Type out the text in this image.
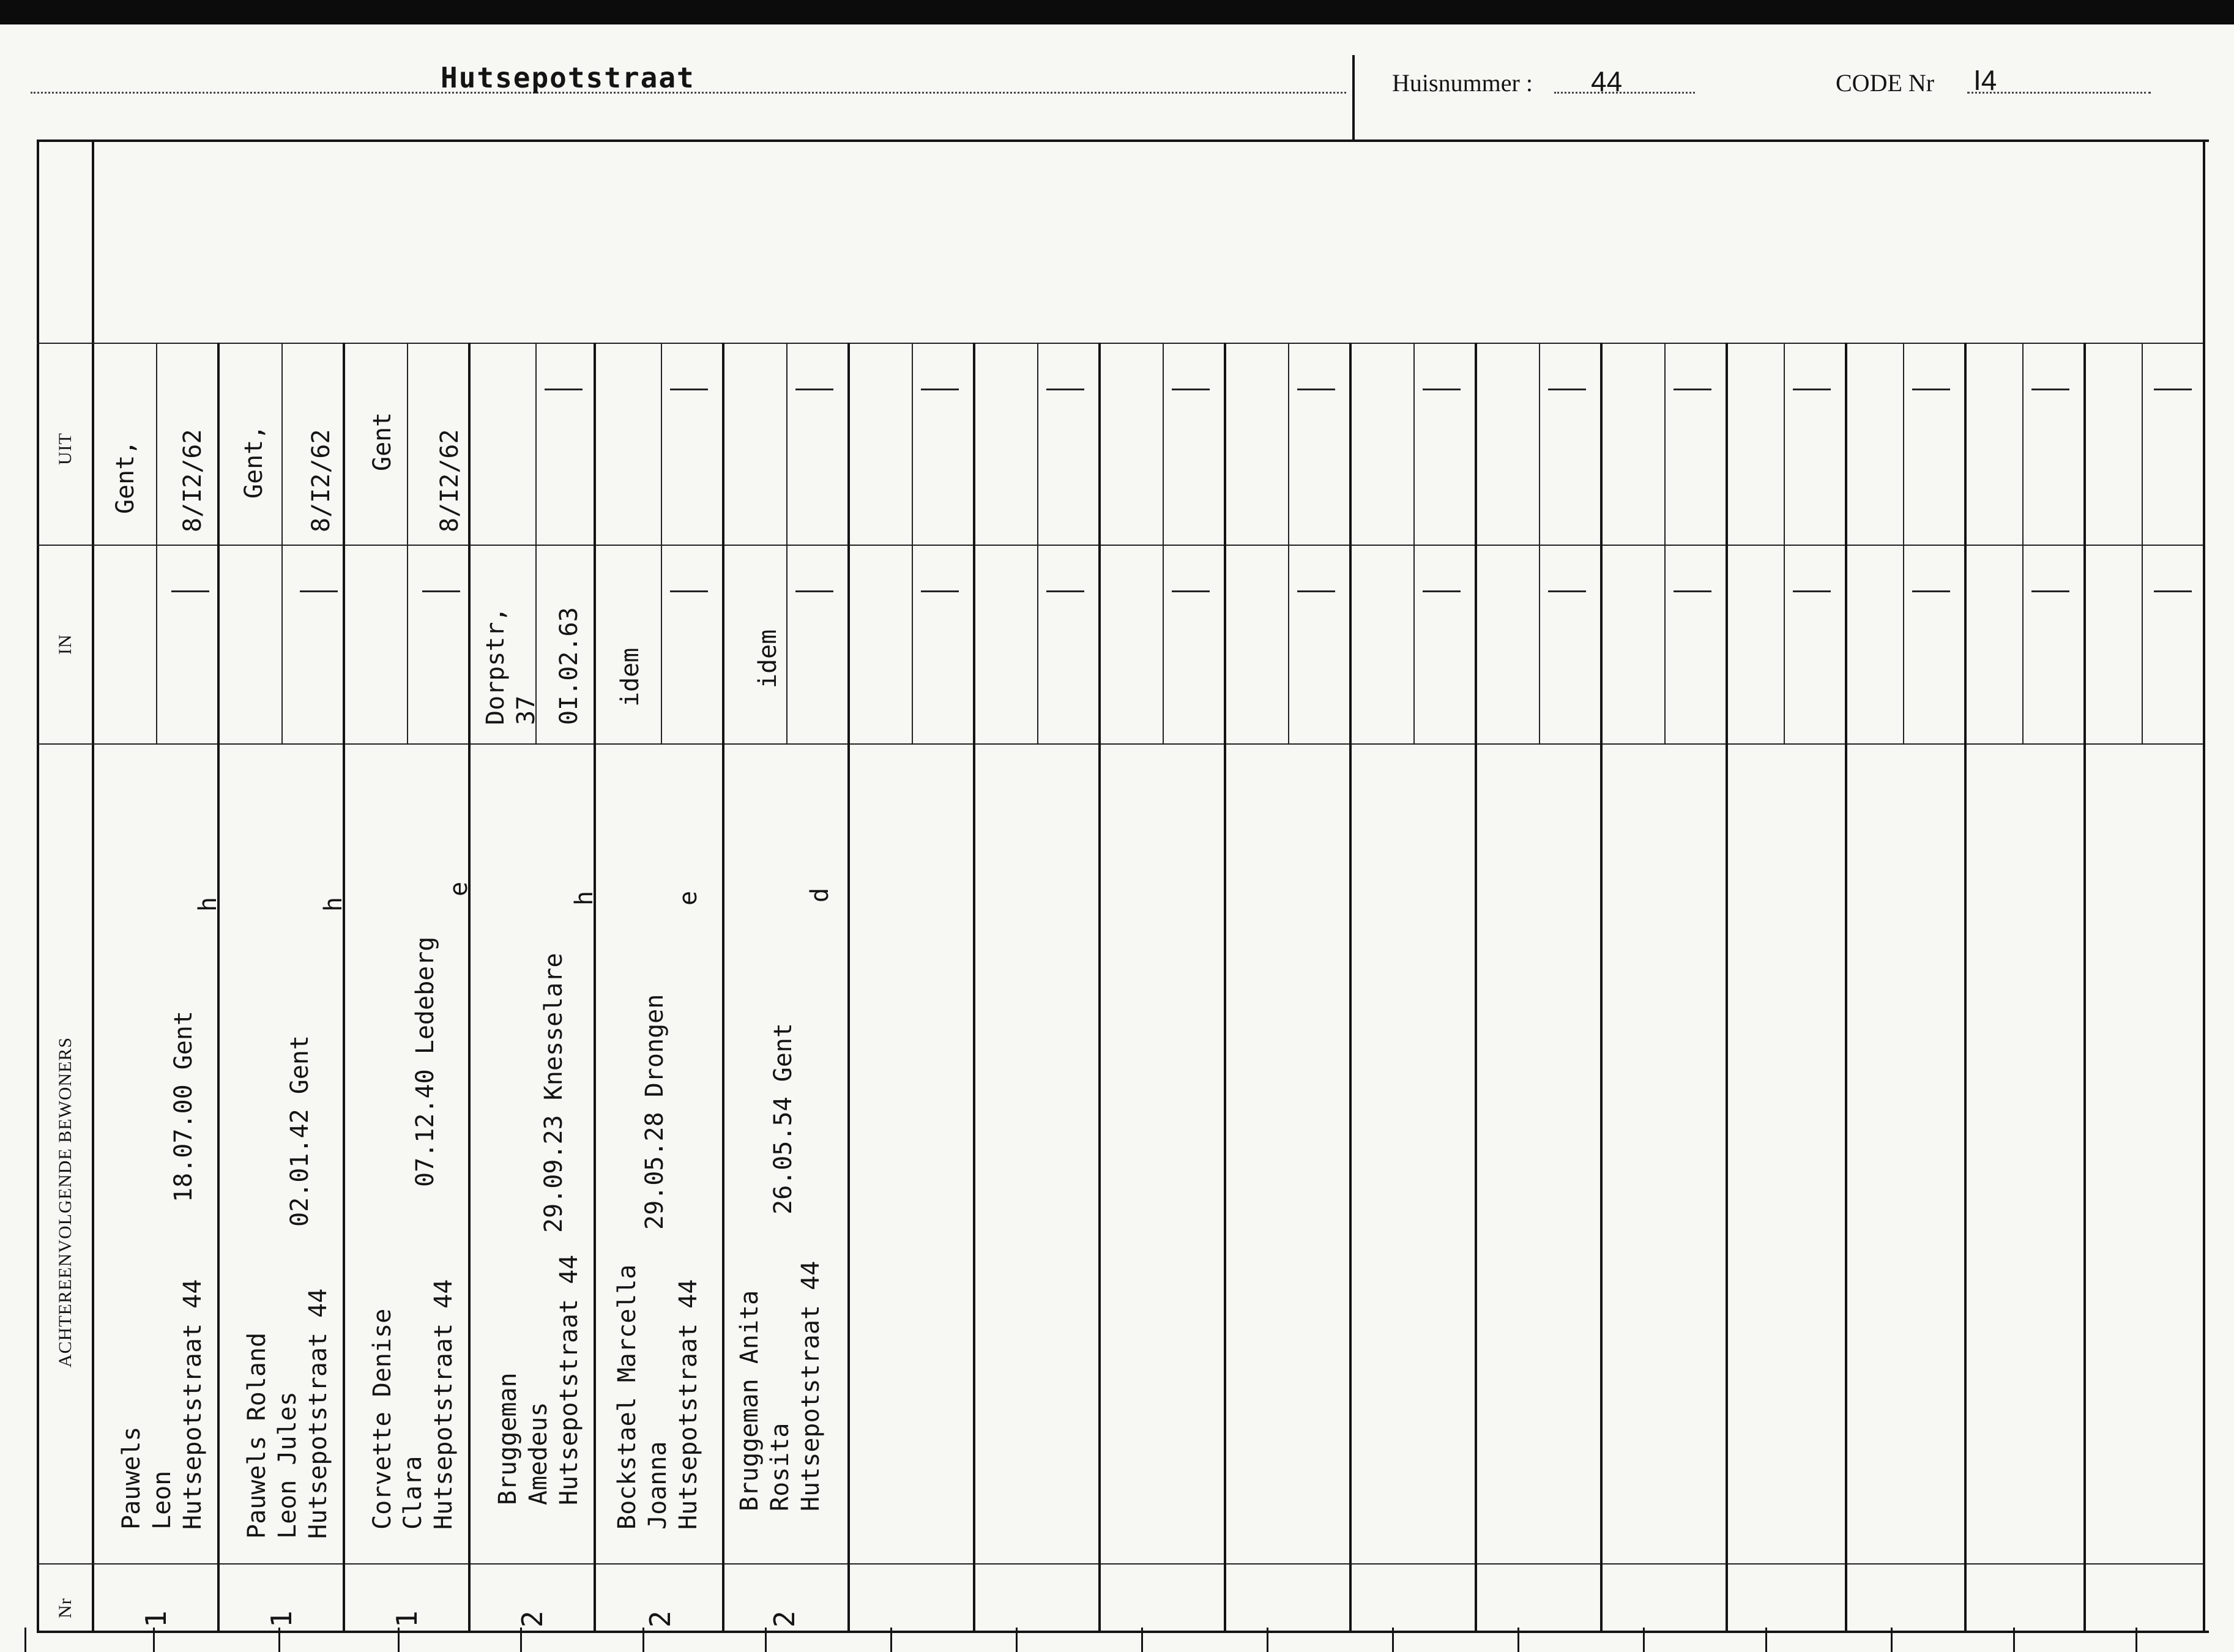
Hutsepotstraat	Huisnummer : 44	CODE Nr I4
Nr
ACHTEREENVOLGENDE BEWONERS
IN
UIT
1
Pauwels Leon Hutsepotstraat 44
18.07.00 Gent
h
Gent, 8/I2/62
1
Pauwels Roland Leon Jules Hutsepotstraat 44
02.01.42 Gent
h
Gent, 8/I2/62
1
Corvette Denise Clara Hutsepotstraat 44
07.12.40 Ledeberg
e
Gent 8/I2/62
2
Bruggeman Amedeus Hutsepotstraat 44
29.09.23 Knesselare
h
Dorpstr,
37 0I.02.63
2
Bockstael Marcella Joanna Hutsepotstraat 44
29.05.28 Drongen
e
idem
2
Bruggeman Anita Rosita Hutsepotstraat 44
26.05.54 Gent
d
idem
